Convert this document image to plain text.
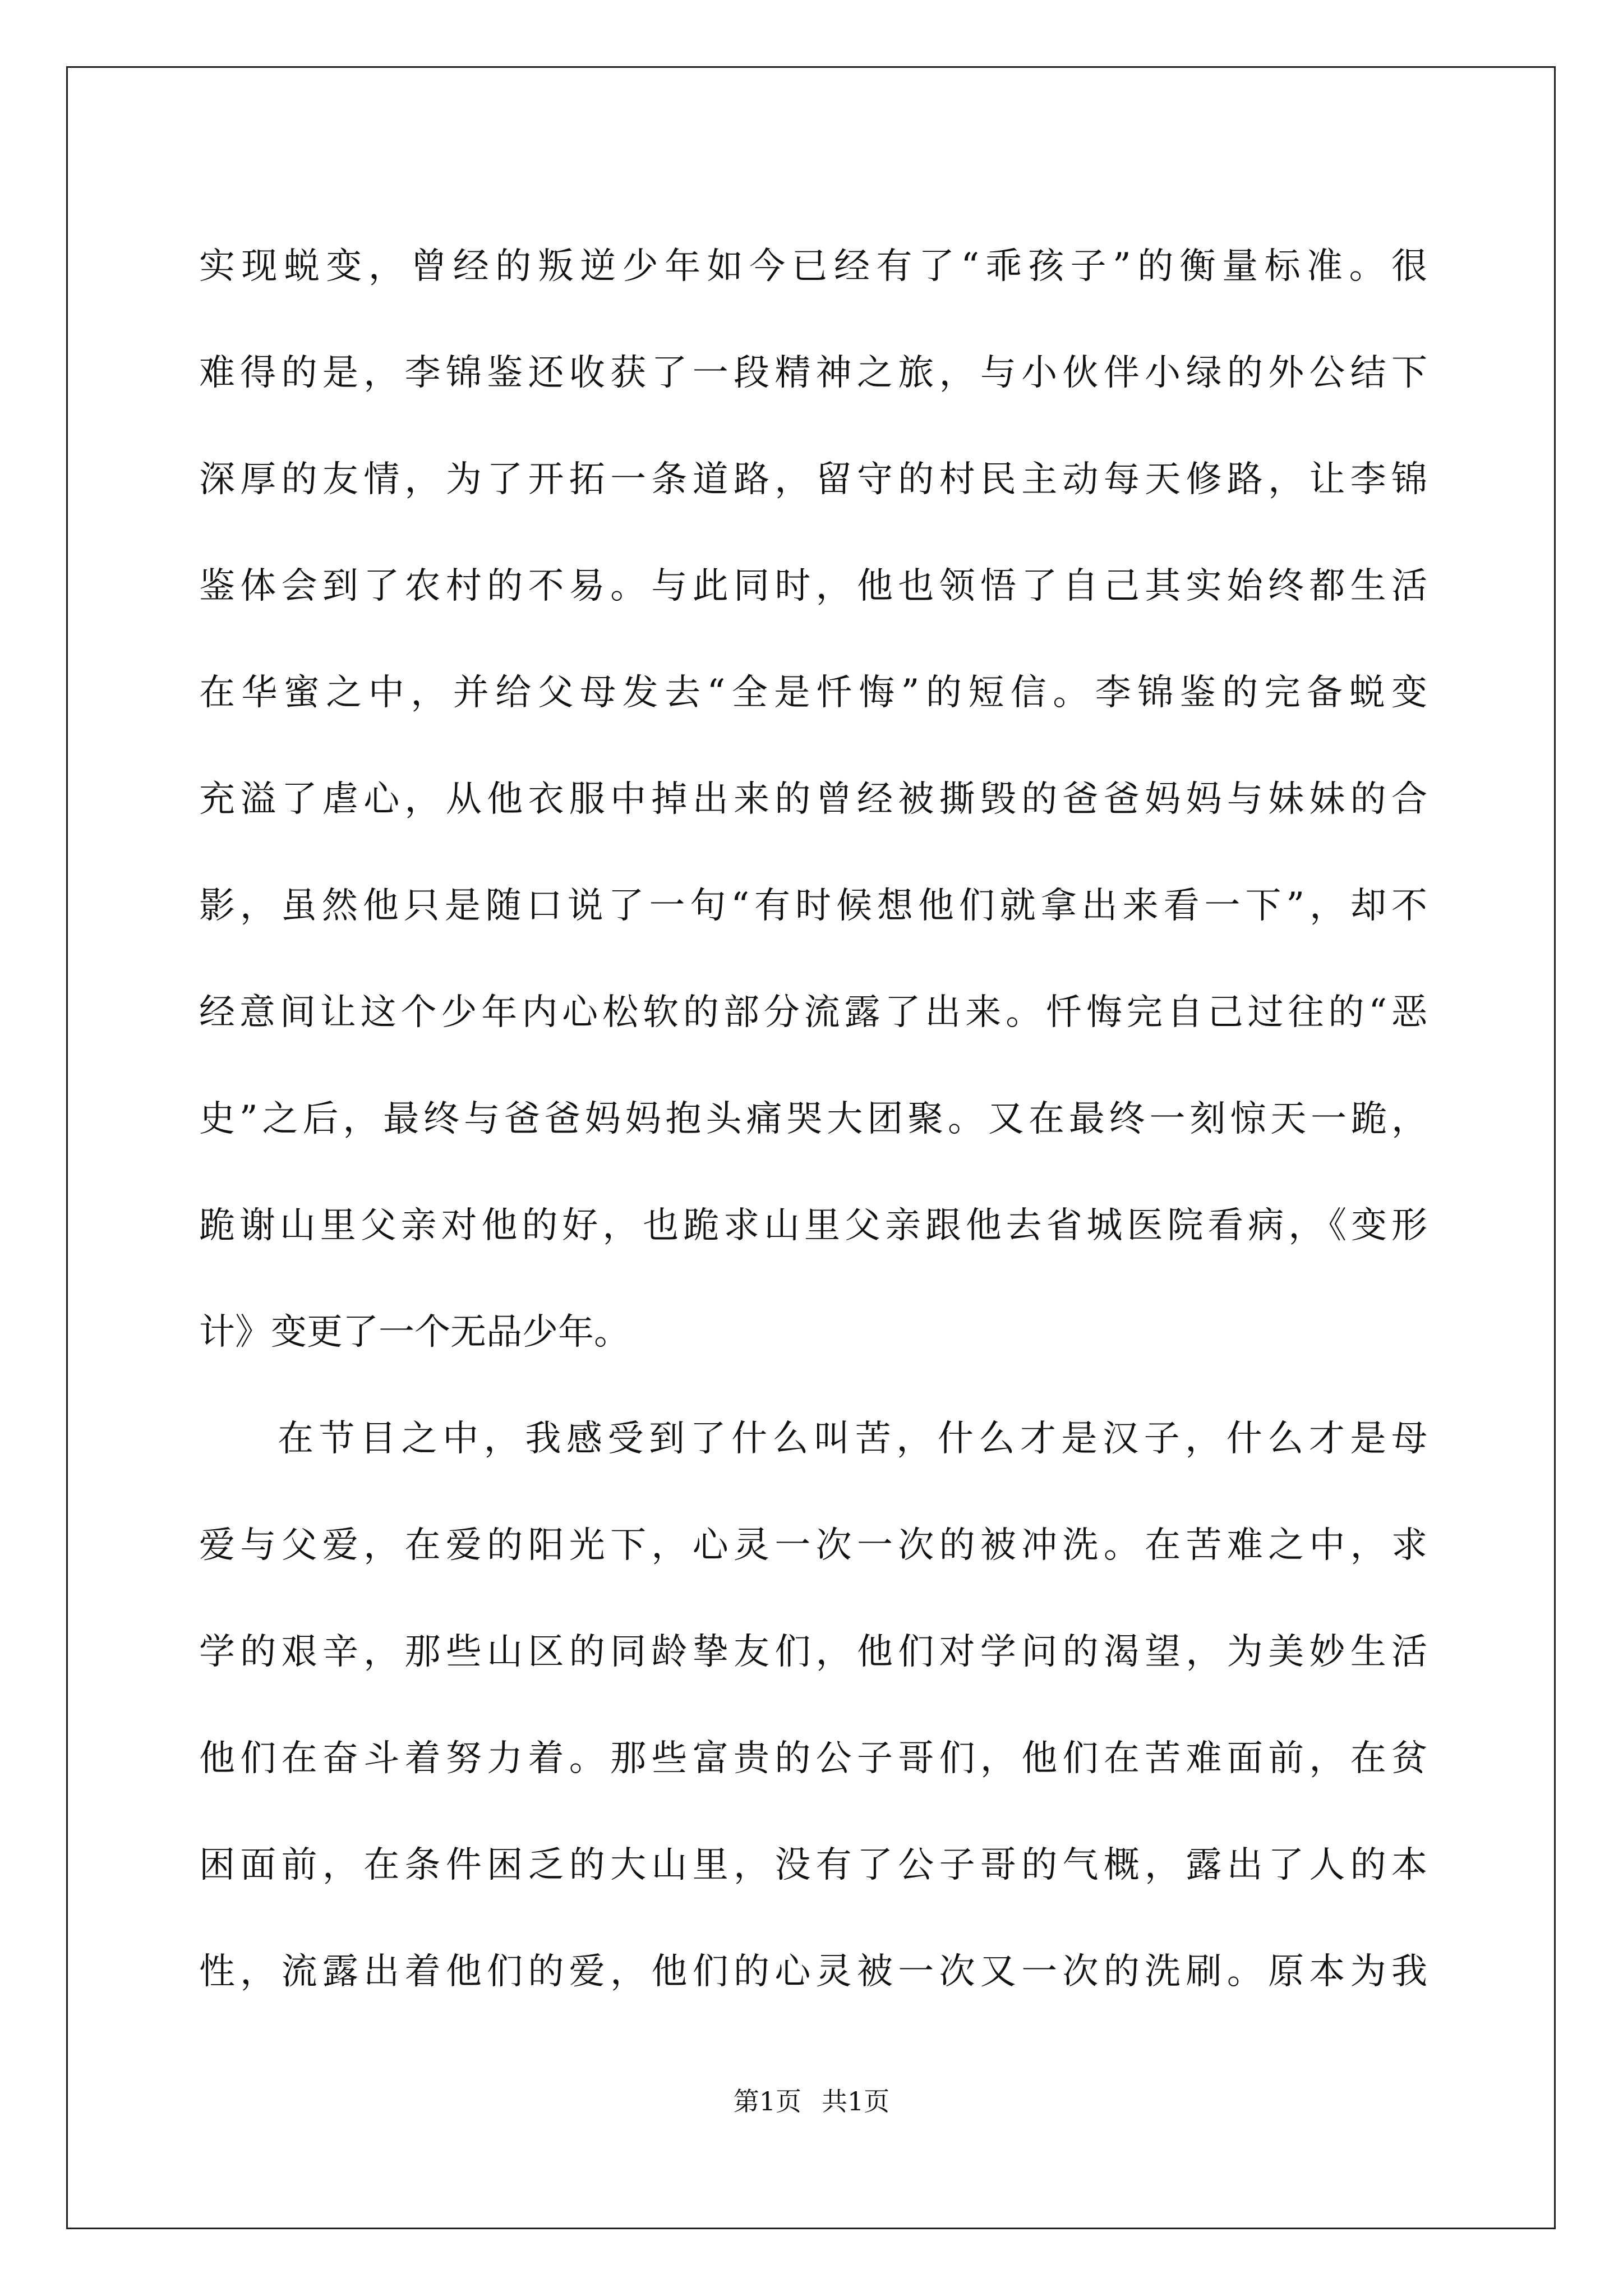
实现蜕变，曾经的叛逆少年如今已经有了“乖孩子”的衡量标准。很
难得的是，李锦鉴还收获了一段精神之旅，与小伙伴小绿的外公结下
深厚的友情，为了开拓一条道路，留守的村民主动每天修路，让李锦
鉴体会到了农村的不易。与此同时，他也领悟了自己其实始终都生活
在华蜜之中，并给父母发去“全是忏悔”的短信。李锦鉴的完备蜕变
充溢了虐心，从他衣服中掉出来的曾经被撕毁的爸爸妈妈与妹妹的合
影，虽然他只是随口说了一句“有时候想他们就拿出来看一下”，却不
经意间让这个少年内心松软的部分流露了出来。忏悔完自己过往的“恶
史”之后，最终与爸爸妈妈抱头痛哭大团聚。又在最终一刻惊天一跪，
跪谢山里父亲对他的好，也跪求山里父亲跟他去省城医院看病，《变形
计》变更了一个无品少年。
在节目之中，我感受到了什么叫苦，什么才是汉子，什么才是母
爱与父爱，在爱的阳光下，心灵一次一次的被冲洗。在苦难之中，求
学的艰辛，那些山区的同龄挚友们，他们对学问的渴望，为美妙生活
他们在奋斗着努力着。那些富贵的公子哥们，他们在苦难面前，在贫
困面前，在条件困乏的大山里，没有了公子哥的气概，露出了人的本
性，流露出着他们的爱，他们的心灵被一次又一次的洗刷。原本为我
第1页 共1页
